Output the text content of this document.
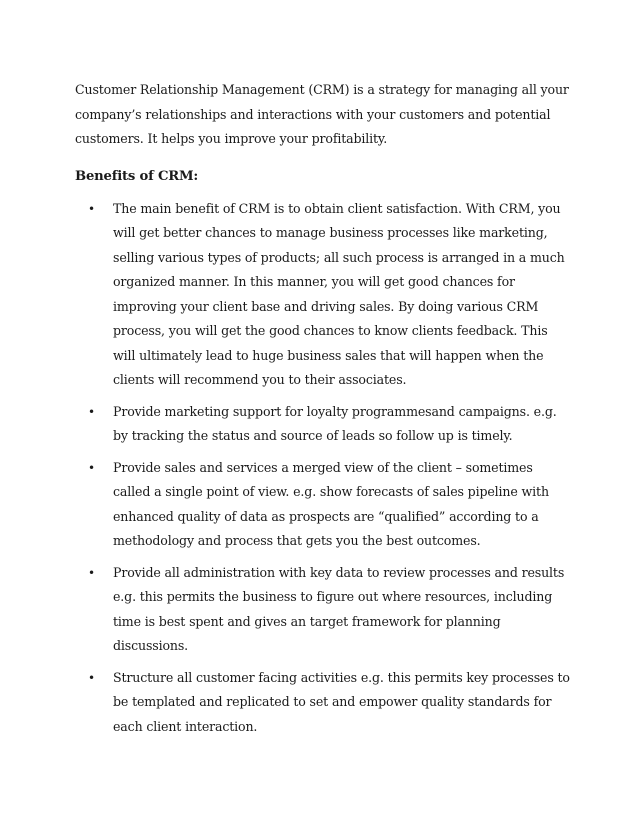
Customer Relationship Management (CRM) is a strategy for managing all your company’s relationships and interactions with your customers and potential customers. It helps you improve your profitability.

Benefits of CRM:
• The main benefit of CRM is to obtain client satisfaction. With CRM, you will get better chances to manage business processes like marketing, selling various types of products; all such process is arranged in a much organized manner. In this manner, you will get good chances for improving your client base and driving sales. By doing various CRM process, you will get the good chances to know clients feedback. This will ultimately lead to huge business sales that will happen when the clients will recommend you to their associates.
• Provide marketing support for loyalty programmesand campaigns. e.g. by tracking the status and source of leads so follow up is timely.
• Provide sales and services a merged view of the client – sometimes called a single point of view. e.g. show forecasts of sales pipeline with enhanced quality of data as prospects are “qualified” according to a methodology and process that gets you the best outcomes.
• Provide all administration with key data to review processes and results e.g. this permits the business to figure out where resources, including time is best spent and gives an target framework for planning discussions.
• Structure all customer facing activities e.g. this permits key processes to be templated and replicated to set and empower quality standards for each client interaction.
